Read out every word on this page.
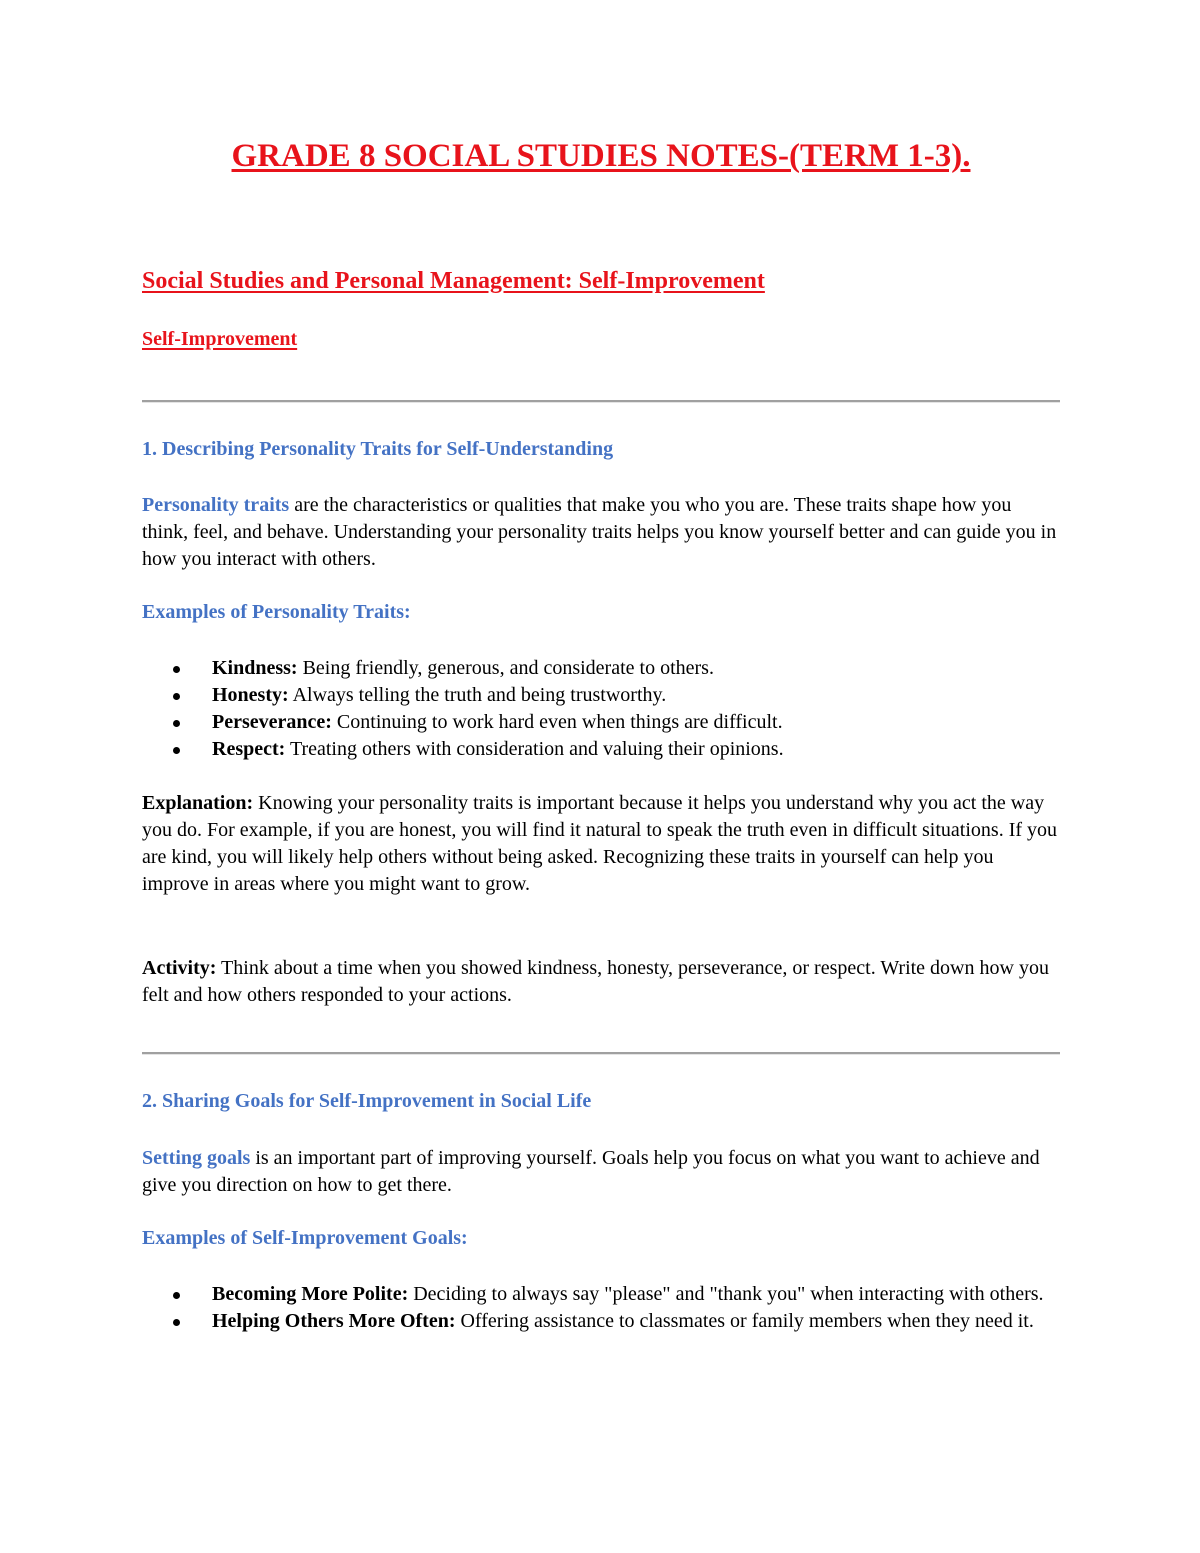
GRADE 8 SOCIAL STUDIES NOTES-(TERM 1-3).
Social Studies and Personal Management: Self-Improvement
Self-Improvement
1. Describing Personality Traits for Self-Understanding

Personality traits are the characteristics or qualities that make you who you are. These traits shape how you think, feel, and behave. Understanding your personality traits helps you know yourself better and can guide you in how you interact with others.

Examples of Personality Traits:
Kindness: Being friendly, generous, and considerate to others.
Honesty: Always telling the truth and being trustworthy.
Perseverance: Continuing to work hard even when things are difficult.
Respect: Treating others with consideration and valuing their opinions.

Explanation: Knowing your personality traits is important because it helps you understand why you act the way you do. For example, if you are honest, you will find it natural to speak the truth even in difficult situations. If you are kind, you will likely help others without being asked. Recognizing these traits in yourself can help you improve in areas where you might want to grow.

Activity: Think about a time when you showed kindness, honesty, perseverance, or respect. Write down how you felt and how others responded to your actions.

2. Sharing Goals for Self-Improvement in Social Life

Setting goals is an important part of improving yourself. Goals help you focus on what you want to achieve and give you direction on how to get there.

Examples of Self-Improvement Goals:
Becoming More Polite: Deciding to always say "please" and "thank you" when interacting with others.
Helping Others More Often: Offering assistance to classmates or family members when they need it.
